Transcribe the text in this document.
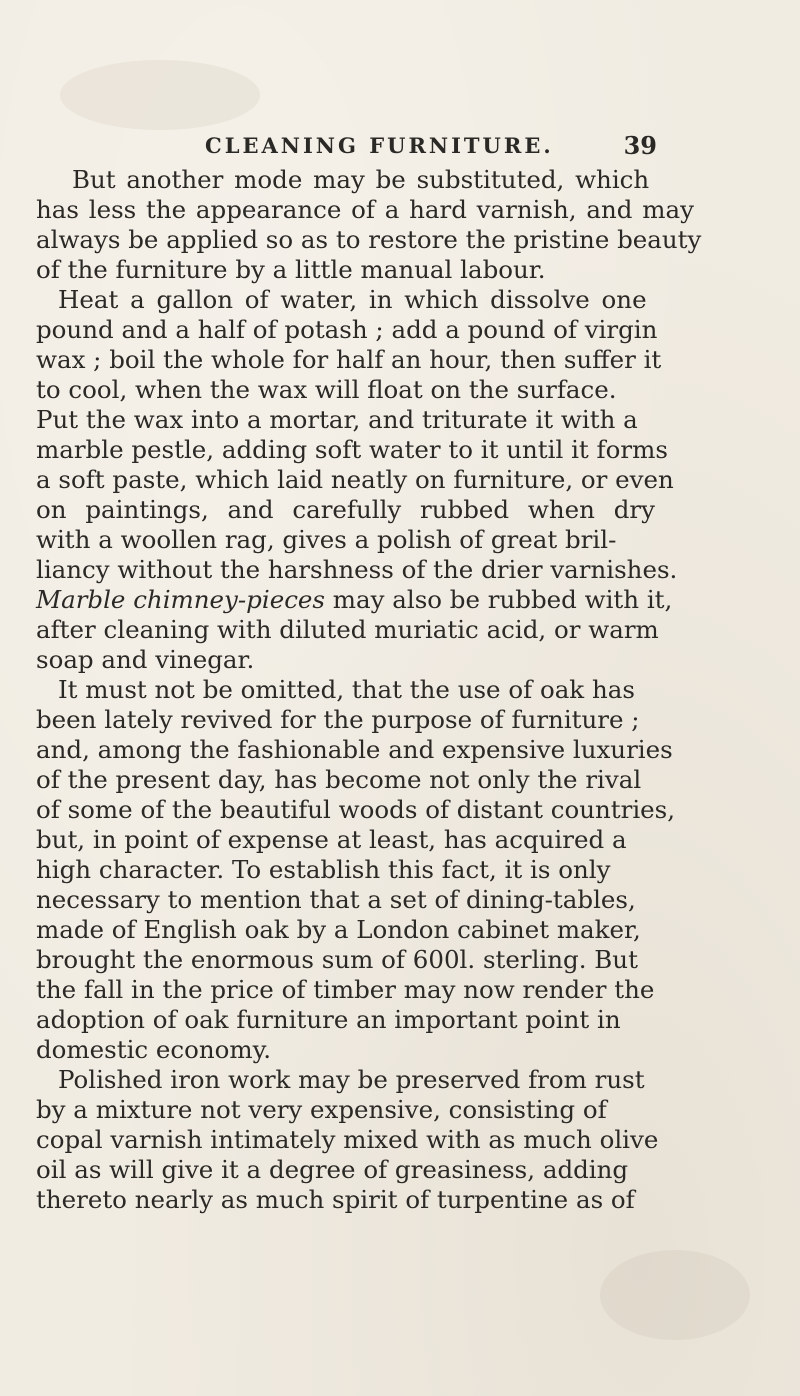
CLEANING FURNITURE.	39
But another mode may be substituted, which
has less the appearance of a hard varnish, and may
always be applied so as to restore the pristine beauty
of the furniture by a little manual labour.
Heat a gallon of water, in which dissolve one
pound and a half of potash ; add a pound of virgin
wax ; boil the whole for half an hour, then suffer it
to cool, when the wax will float on the surface.
Put the wax into a mortar, and triturate it with a
marble pestle, adding soft water to it until it forms
a soft paste, which laid neatly on furniture, or even
on paintings, and carefully rubbed when dry
with a woollen rag, gives a polish of great bril-
liancy without the harshness of the drier varnishes.
Marble chimney-pieces may also be rubbed with it,
after cleaning with diluted muriatic acid, or warm
soap and vinegar.
It must not be omitted, that the use of oak has
been lately revived for the purpose of furniture ;
and, among the fashionable and expensive luxuries
of the present day, has become not only the rival
of some of the beautiful woods of distant countries,
but, in point of expense at least, has acquired a
high character. To establish this fact, it is only
necessary to mention that a set of dining-tables,
made of English oak by a London cabinet maker,
brought the enormous sum of 600l. sterling. But
the fall in the price of timber may now render the
adoption of oak furniture an important point in
domestic economy.
Polished iron work may be preserved from rust
by a mixture not very expensive, consisting of
copal varnish intimately mixed with as much olive
oil as will give it a degree of greasiness, adding
thereto nearly as much spirit of turpentine as of
